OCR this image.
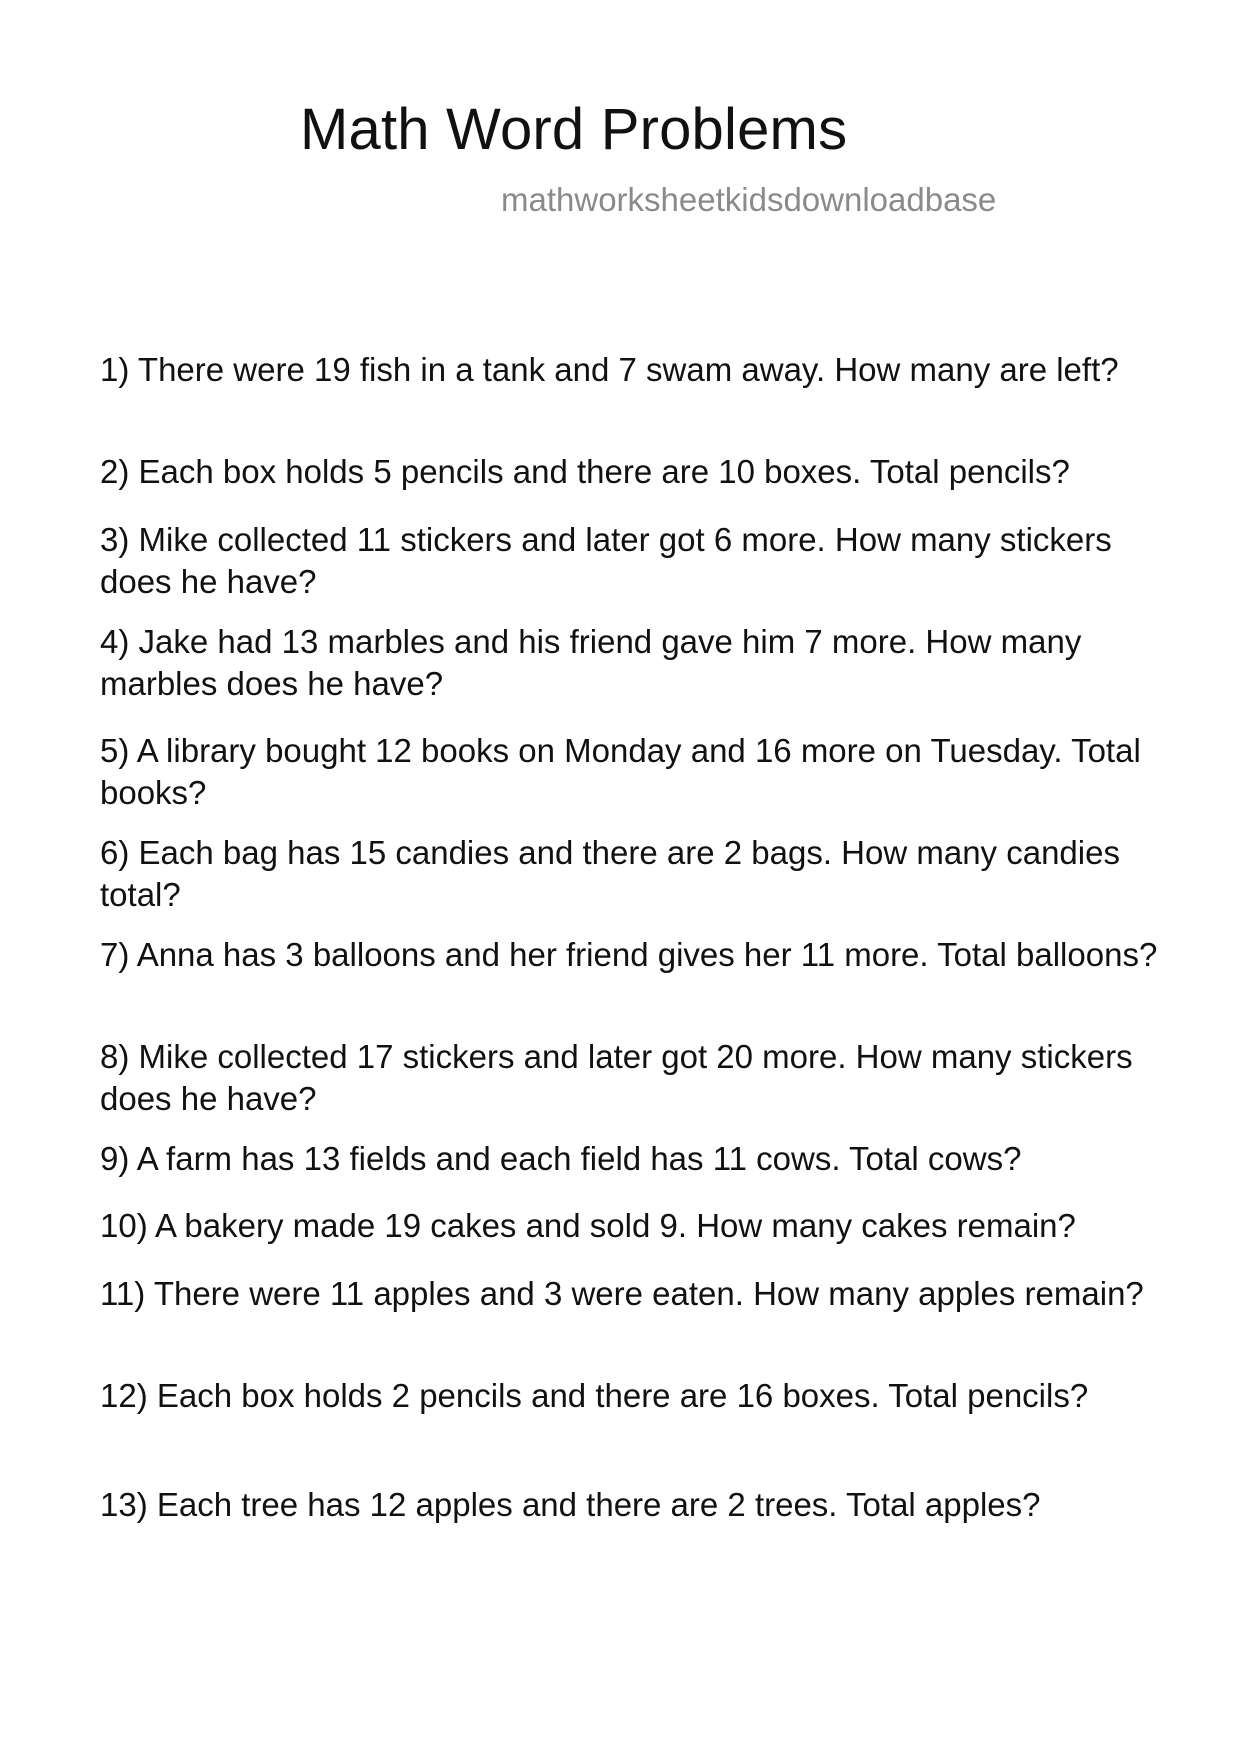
Math Word Problems
mathworksheetkidsdownloadbase

1) There were 19 fish in a tank and 7 swam away. How many are left?

2) Each box holds 5 pencils and there are 10 boxes. Total pencils?

3) Mike collected 11 stickers and later got 6 more. How many stickers does he have?

4) Jake had 13 marbles and his friend gave him 7 more. How many marbles does he have?

5) A library bought 12 books on Monday and 16 more on Tuesday. Total books?

6) Each bag has 15 candies and there are 2 bags. How many candies total?

7) Anna has 3 balloons and her friend gives her 11 more. Total balloons?

8) Mike collected 17 stickers and later got 20 more. How many stickers does he have?

9) A farm has 13 fields and each field has 11 cows. Total cows?

10) A bakery made 19 cakes and sold 9. How many cakes remain?

11) There were 11 apples and 3 were eaten. How many apples remain?

12) Each box holds 2 pencils and there are 16 boxes. Total pencils?

13) Each tree has 12 apples and there are 2 trees. Total apples?
